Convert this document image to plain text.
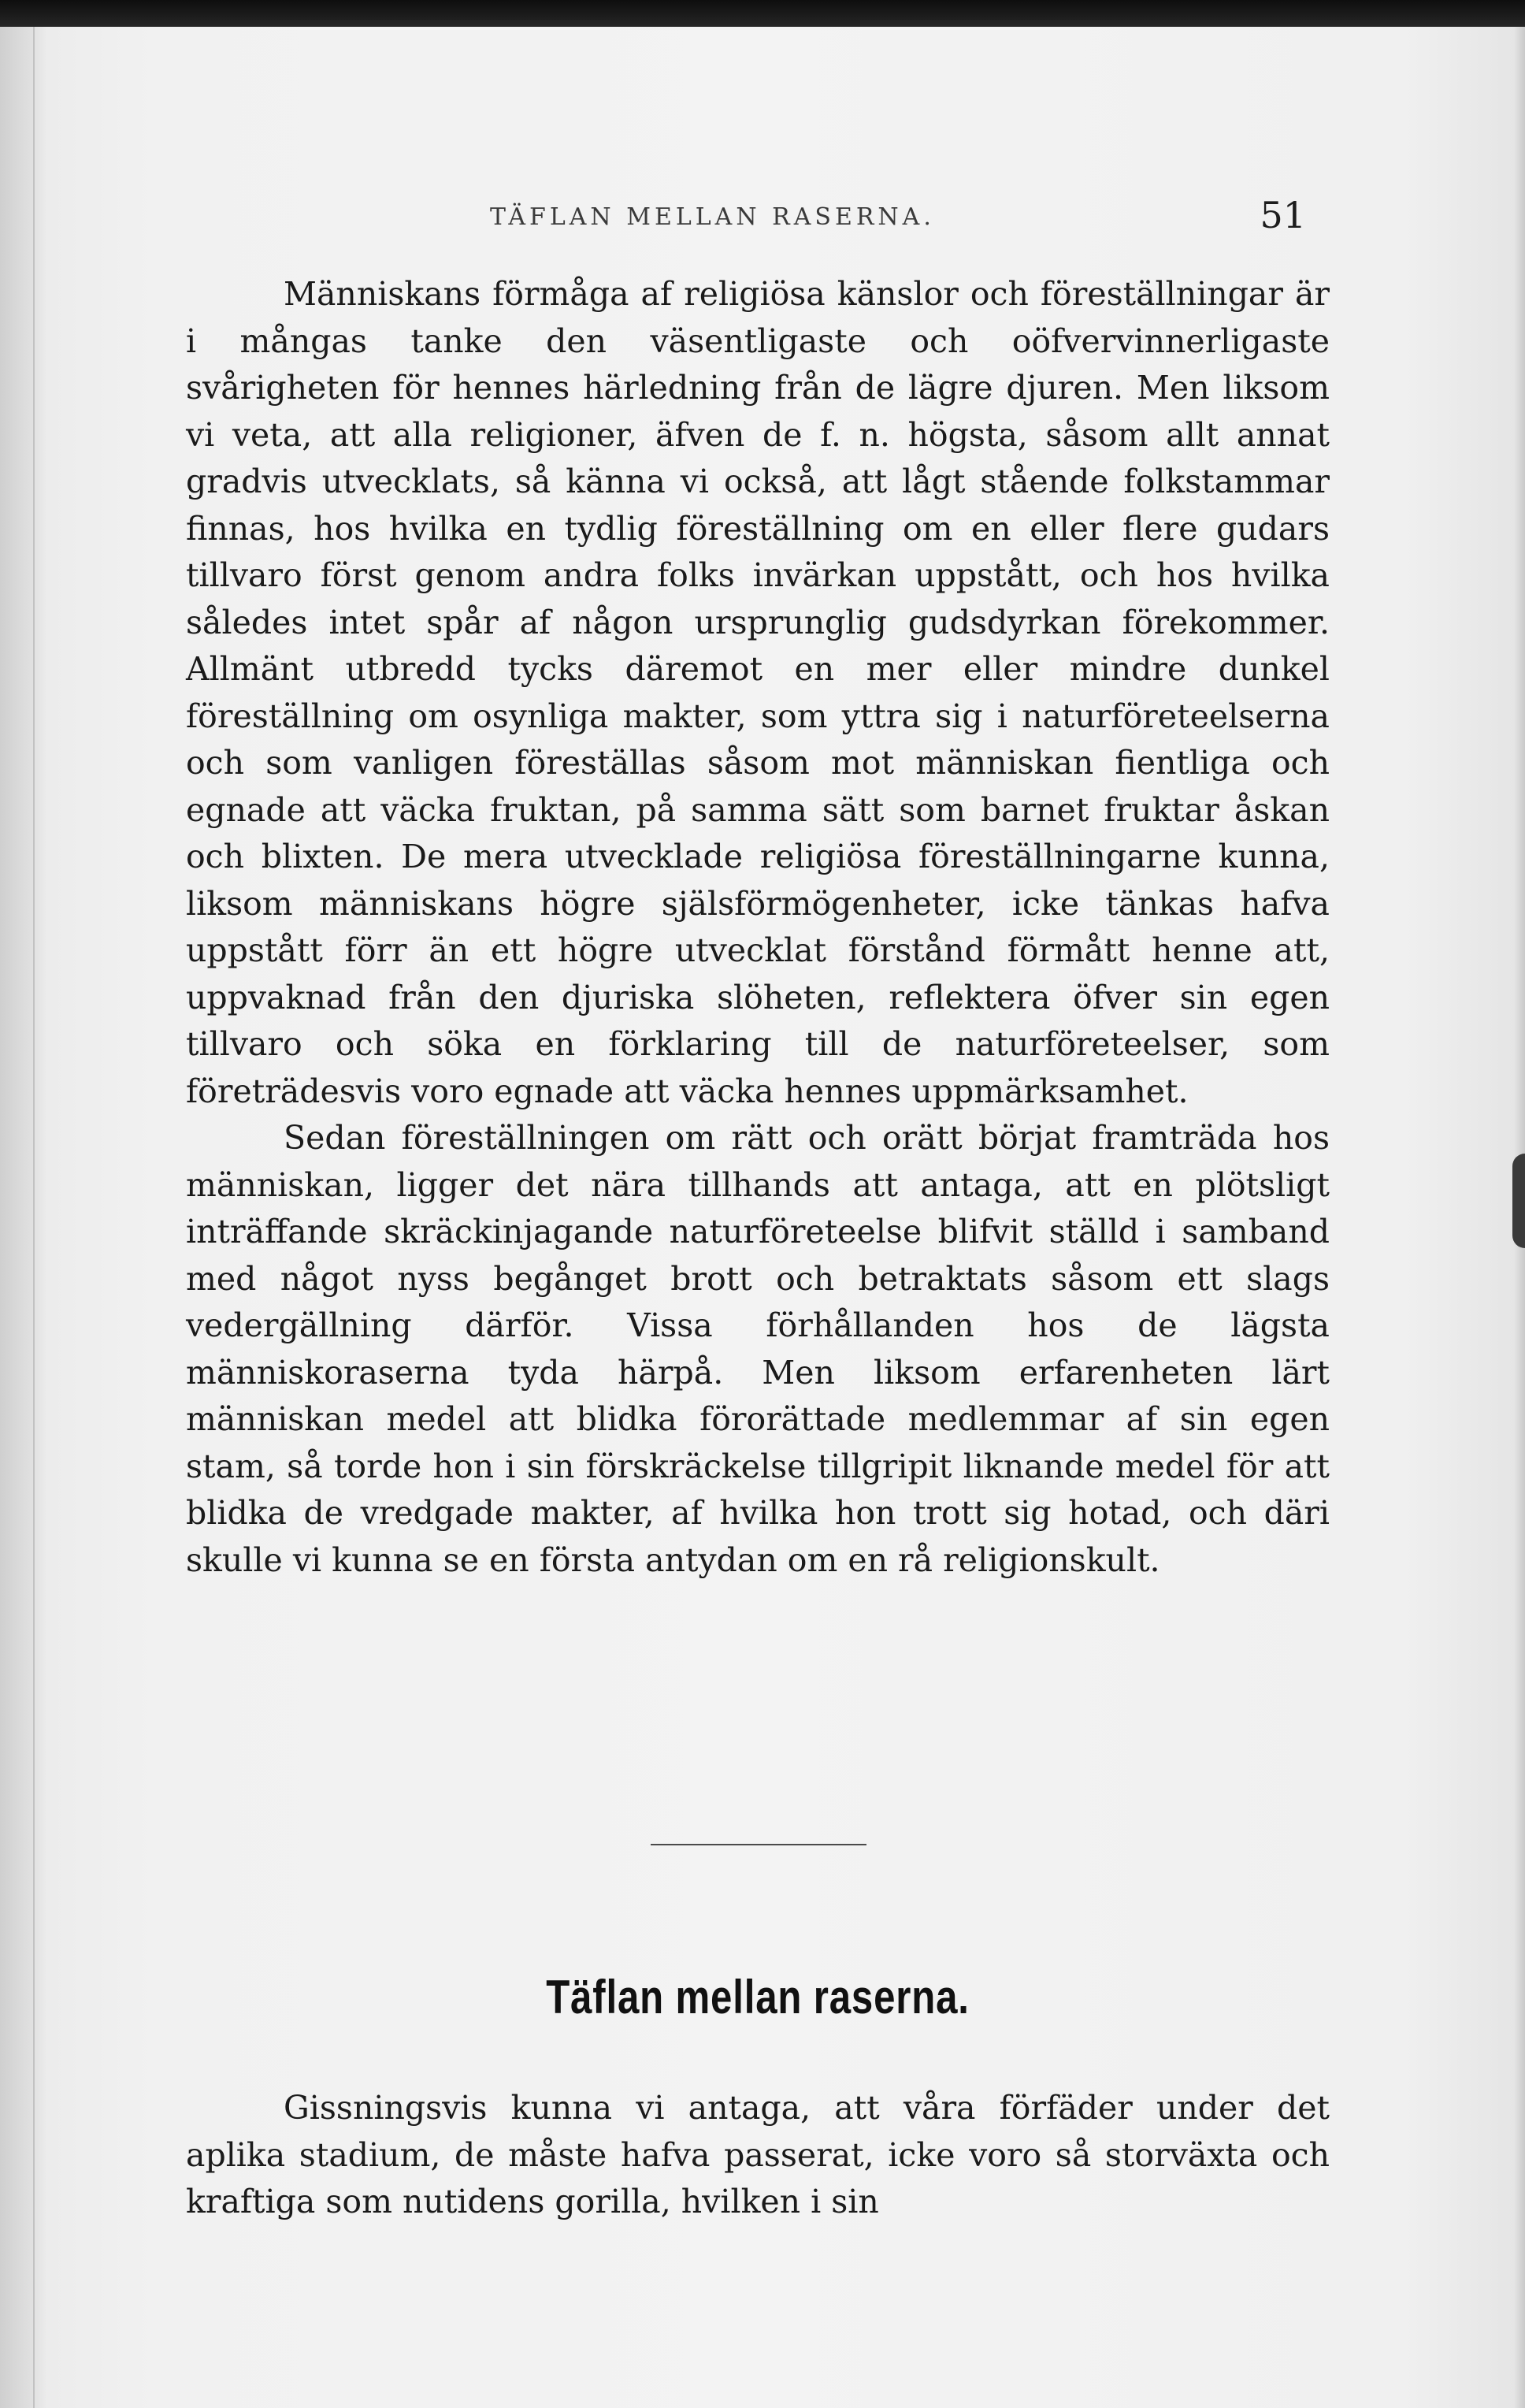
TÄFLAN MELLAN RASERNA.	51

Människans förmåga af religiösa känslor och föreställningar är i mångas tanke den väsentligaste och oöfvervinnerligaste svårigheten för hennes härledning från de lägre djuren. Men liksom vi veta, att alla religioner, äfven de f. n. högsta, såsom allt annat gradvis utvecklats, så känna vi också, att lågt stående folkstammar finnas, hos hvilka en tydlig föreställning om en eller flere gudars tillvaro först genom andra folks invärkan uppstått, och hos hvilka således intet spår af någon ursprunglig gudsdyrkan förekommer. Allmänt utbredd tycks däremot en mer eller mindre dunkel föreställning om osynliga makter, som yttra sig i naturföreteelserna och som vanligen föreställas såsom mot människan fientliga och egnade att väcka fruktan, på samma sätt som barnet fruktar åskan och blixten. De mera utvecklade religiösa föreställningarne kunna, liksom människans högre själsförmögenheter, icke tänkas hafva uppstått förr än ett högre utvecklat förstånd förmått henne att, uppvaknad från den djuriska slöheten, reflektera öfver sin egen tillvaro och söka en förklaring till de naturföreteelser, som företrädesvis voro egnade att väcka hennes uppmärksamhet.

Sedan föreställningen om rätt och orätt börjat framträda hos människan, ligger det nära tillhands att antaga, att en plötsligt inträffande skräckinjagande naturföreteelse blifvit ställd i samband med något nyss begånget brott och betraktats såsom ett slags vedergällning därför. Vissa förhållanden hos de lägsta människoraserna tyda härpå. Men liksom erfarenheten lärt människan medel att blidka förorättade medlemmar af sin egen stam, så torde hon i sin förskräckelse tillgripit liknande medel för att blidka de vredgade makter, af hvilka hon trott sig hotad, och däri skulle vi kunna se en första antydan om en rå religionskult.

Täflan mellan raserna.

Gissningsvis kunna vi antaga, att våra förfäder under det aplika stadium, de måste hafva passerat, icke voro så storväxta och kraftiga som nutidens gorilla, hvilken i sin
